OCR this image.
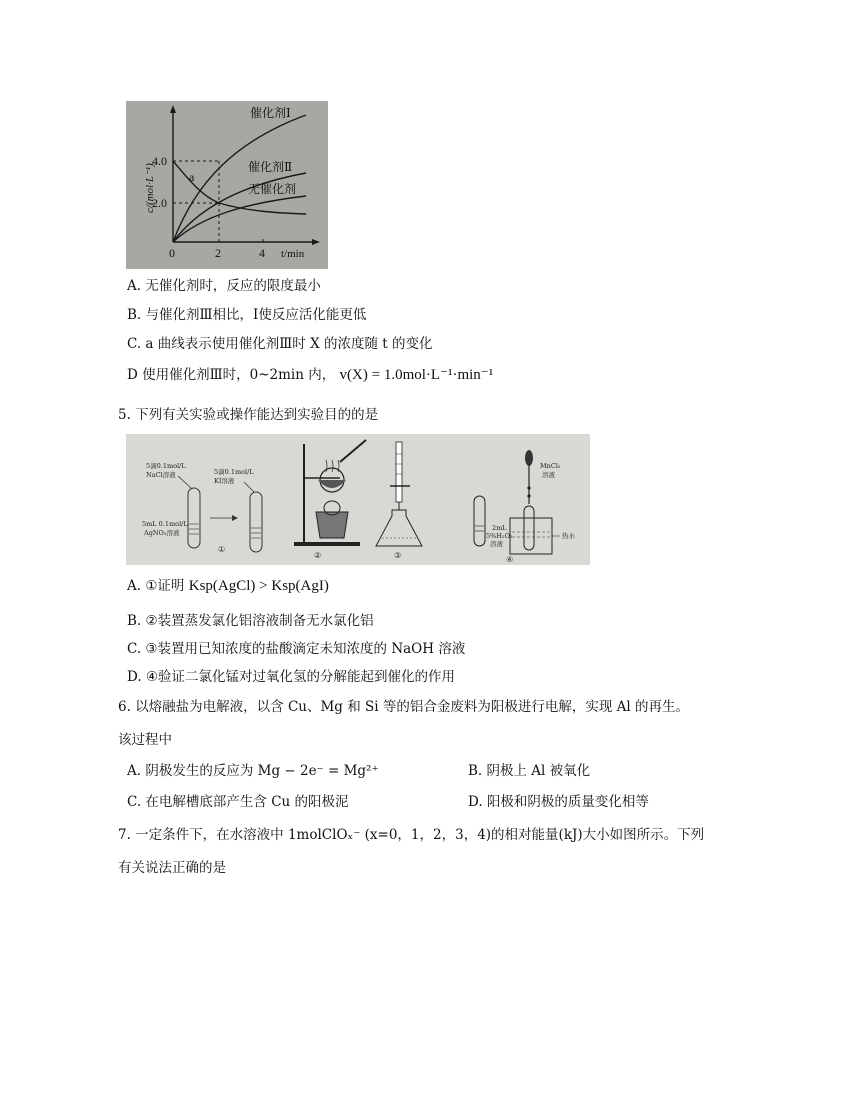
c/(mol·L⁻¹)
4.0
2.0
0	2	4 t/min
催化剂Ⅰ
催化剂Ⅱ
无催化剂
a
A. 无催化剂时，反应的限度最小
B. 与催化剂Ⅲ相比，Ⅰ使反应活化能更低
C. a 曲线表示使用催化剂Ⅲ时 X 的浓度随 t 的变化
D 使用催化剂Ⅲ时，0~2min 内， v(X) = 1.0mol·L⁻¹·min⁻¹
5. 下列有关实验或操作能达到实验目的的是
5滴0.1mol/L
NaCl溶液
5mL 0.1mol/L
AgNO₃溶液
5滴0.1mol/L
KI溶液
①
②	③
2mL
5%H₂O₂
溶液
MnCl₂
溶液
热水
④
A. ①证明 Ksp(AgCl) > Ksp(AgI)
B. ②装置蒸发氯化铝溶液制备无水氯化铝
C. ③装置用已知浓度的盐酸滴定未知浓度的 NaOH 溶液
D. ④验证二氯化锰对过氧化氢的分解能起到催化的作用
6. 以熔融盐为电解液，以含 Cu、Mg 和 Si 等的铝合金废料为阳极进行电解，实现 Al 的再生。
该过程中
A. 阴极发生的反应为 Mg − 2e⁻ = Mg²⁺	B. 阴极上 Al 被氧化
C. 在电解槽底部产生含 Cu 的阳极泥	D. 阳极和阴极的质量变化相等
7. 一定条件下，在水溶液中 1molClOₓ⁻ (x=0，1，2，3，4)的相对能量(kJ)大小如图所示。下列
有关说法正确的是
